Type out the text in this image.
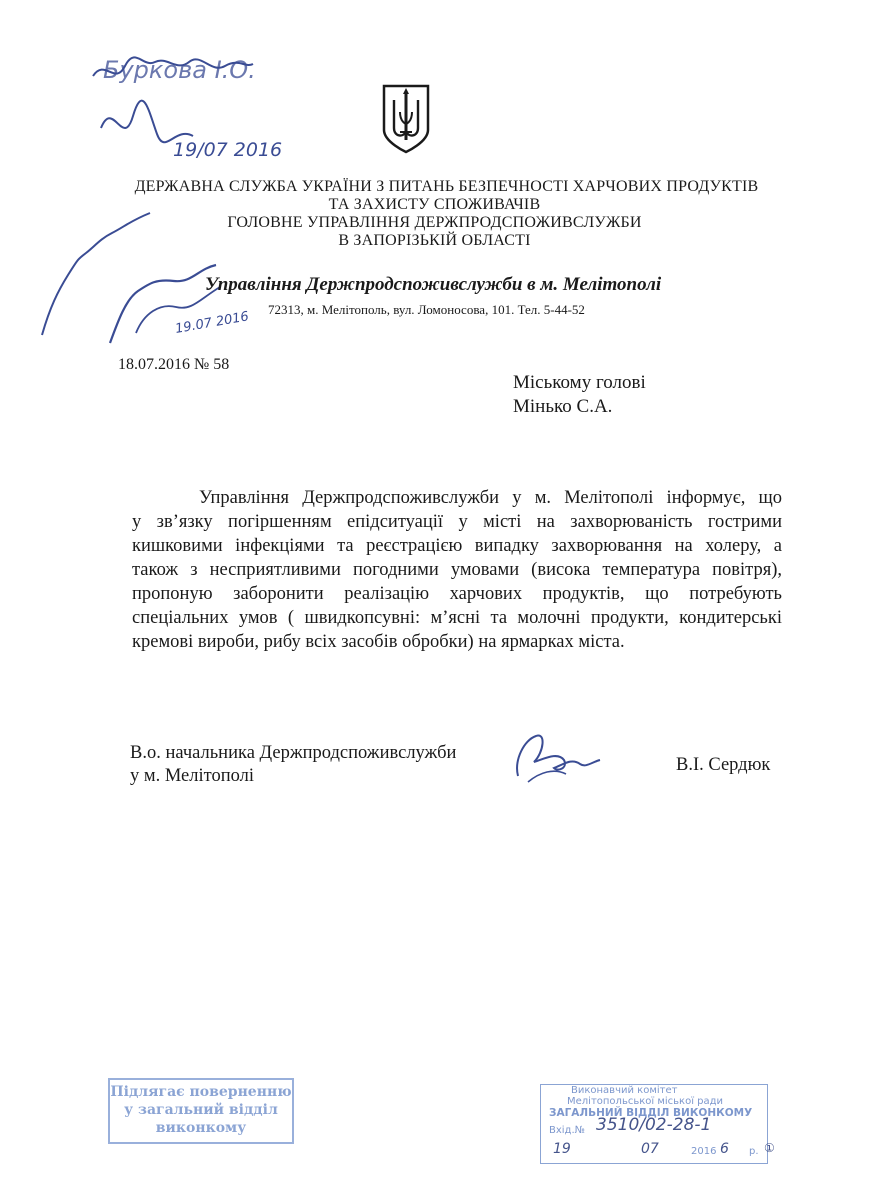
Буркова І.О.
19/07 2016
19.07 2016
ДЕРЖАВНА СЛУЖБА УКРАЇНИ З ПИТАНЬ БЕЗПЕЧНОСТІ ХАРЧОВИХ ПРОДУКТІВ
ТА ЗАХИСТУ СПОЖИВАЧІВ
ГОЛОВНЕ УПРАВЛІННЯ ДЕРЖПРОДСПОЖИВСЛУЖБИ
В ЗАПОРІЗЬКІЙ ОБЛАСТІ
Управління Держпродспоживслужби в м. Мелітополі
72313, м. Мелітополь, вул. Ломоносова, 101. Тел. 5-44-52
18.07.2016 № 58
Міському голові
Мінько С.А.
Управління Держпродспоживслужби у м. Мелітополі інформує, що
у зв’язку погіршенням епідситуації у місті на захворюваність гострими
кишковими інфекціями та реєстрацією випадку захворювання на холеру, а
також з несприятливими погодними умовами (висока температура повітря),
пропоную заборонити реалізацію харчових продуктів, що потребують
спеціальних умов ( швидкопсувні: м’ясні та молочні продукти, кондитерські
кремові вироби, рибу всіх засобів обробки) на ярмарках міста.
В.о. начальника Держпродспоживслужби
у м. Мелітополі
В.І. Сердюк
Підлягає поверненню
у загальний відділ
виконкому
Виконавчий комітет
Мелітопольської міської ради
ЗАГАЛЬНИЙ ВІДДІЛ ВИКОНКОМУ
Вхід.№ 3510/02-28-1
19	07	2016 6 р. ①
